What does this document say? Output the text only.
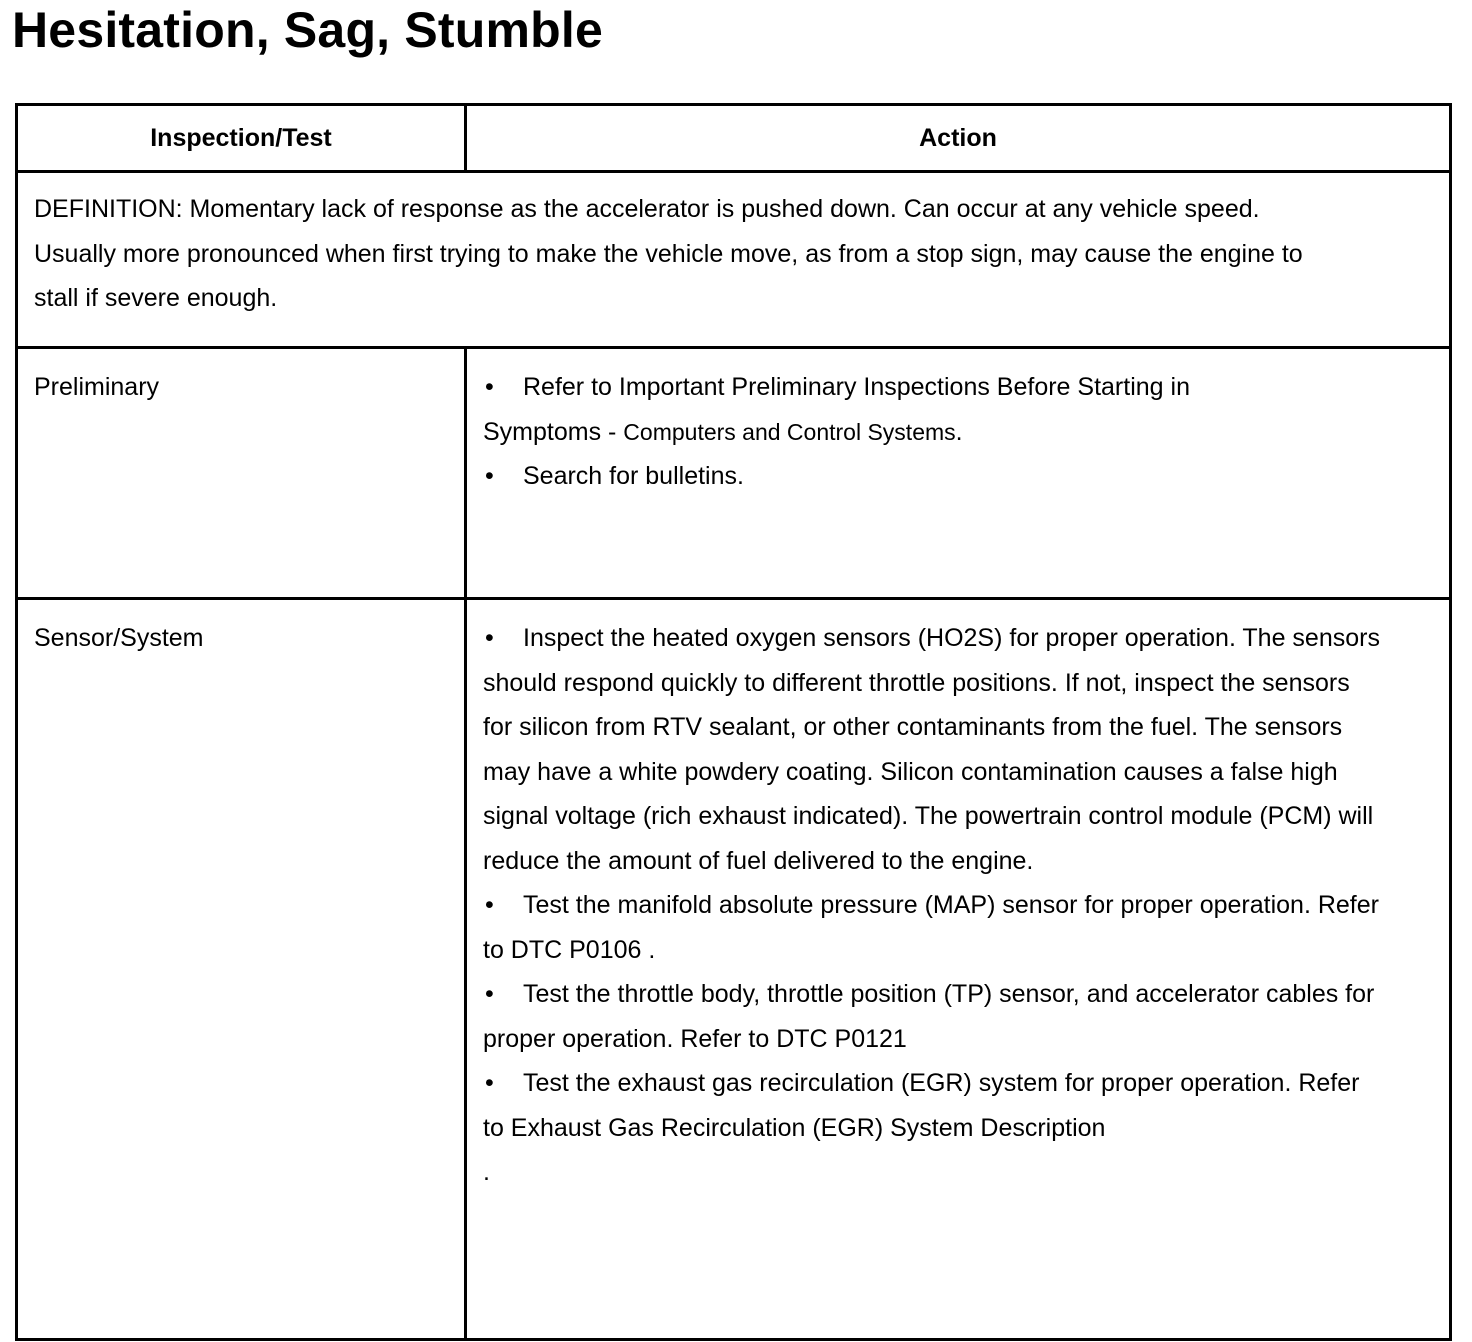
Hesitation, Sag, Stumble
Inspection/Test	Action

DEFINITION: Momentary lack of response as the accelerator is pushed down. Can occur at any vehicle speed. Usually more pronounced when first trying to make the vehicle move, as from a stop sign, may cause the engine to stall if severe enough.	

Preliminary	• Refer to Important Preliminary Inspections Before Starting in Symptoms - Computers and Control Systems.
• Search for bulletins.

Sensor/System	• Inspect the heated oxygen sensors (HO2S) for proper operation. The sensors should respond quickly to different throttle positions. If not, inspect the sensors for silicon from RTV sealant, or other contaminants from the fuel. The sensors may have a white powdery coating. Silicon contamination causes a false high signal voltage (rich exhaust indicated). The powertrain control module (PCM) will reduce the amount of fuel delivered to the engine.
• Test the manifold absolute pressure (MAP) sensor for proper operation. Refer to DTC P0106 .
• Test the throttle body, throttle position (TP) sensor, and accelerator cables for proper operation. Refer to DTC P0121
• Test the exhaust gas recirculation (EGR) system for proper operation. Refer to Exhaust Gas Recirculation (EGR) System Description
.
